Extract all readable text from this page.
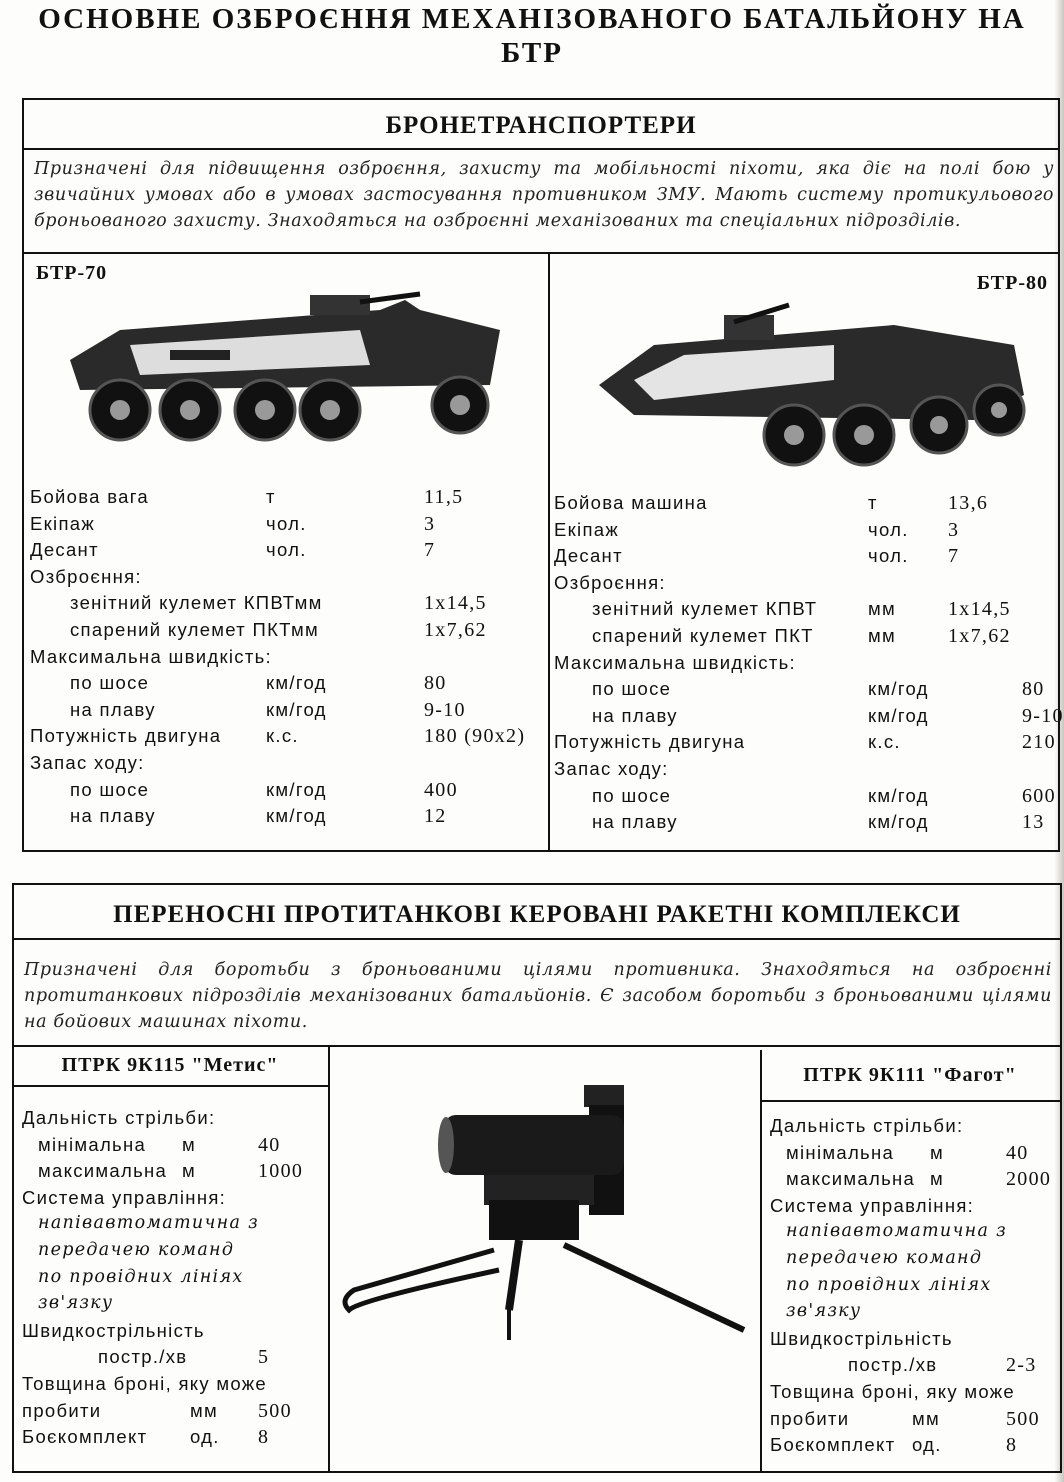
ОСНОВНЕ ОЗБРОЄННЯ МЕХАНІЗОВАНОГО БАТАЛЬЙОНУ НА
БТР
БРОНЕТРАНСПОРТЕРИ
Призначені для підвищення озброєння, захисту та мобільності піхоти, яка діє на полі бою у звичайних умовах або в умовах застосування противником ЗМУ. Мають систему протикульового броньованого захисту. Знаходяться на озброєнні механізованих та спеціальних підрозділів.
БТР-70
Бойова вага	т	11,5
Екіпаж	чол.	3
Десант	чол.	7
Озброєння:
зенітний кулемет КПВТмм	1x14,5
спарений кулемет ПКТмм	1x7,62
Максимальна швидкість:
по шосе	км/год	80
на плаву	км/год	9-10
Потужність двигуна к.с.	180 (90х2)
Запас ходу:
по шосе	км/год	400
на плаву	км/год	12
БТР-80
Бойова машина	т	13,6
Екіпаж	чол. 3
Десант	чол. 7
Озброєння:
зенітний кулемет КПВТ	мм	1x14,5
спарений кулемет ПКТ	мм	1x7,62
Максимальна швидкість:
по шосе	км/год	80
на плаву	км/год	9-10
Потужність двигуна	к.с.	210
Запас ходу:
по шосе	км/год	600
на плаву	км/год	13
ПЕРЕНОСНІ ПРОТИТАНКОВІ КЕРОВАНІ РАКЕТНІ КОМПЛЕКСИ
Призначені для боротьби з броньованими цілями противника. Знаходяться на озброєнні протитанкових підрозділів механізованих батальйонів. Є засобом боротьби з броньованими цілями на бойових машинах піхоти.
ПТРК 9К115 "Метис"
Дальність стрільби:
мінімальна м	40
максимальна м	1000
Система управління:
напівавтоматична з
передачею команд
по провідних лініях
зв'язку
Швидкострільність
постр./хв	5
Товщина броні, яку може
пробити	мм 500
Боєкомплект од. 8
ПТРК 9К111 "Фагот"
Дальність стрільби:
мінімальна м	40
максимальна м	2000
Система управління:
напівавтоматична з
передачею команд
по провідних лініях
зв'язку
Швидкострільність
постр./хв	2-3
Товщина броні, яку може
пробити	мм	500
Боєкомплект од.	8
